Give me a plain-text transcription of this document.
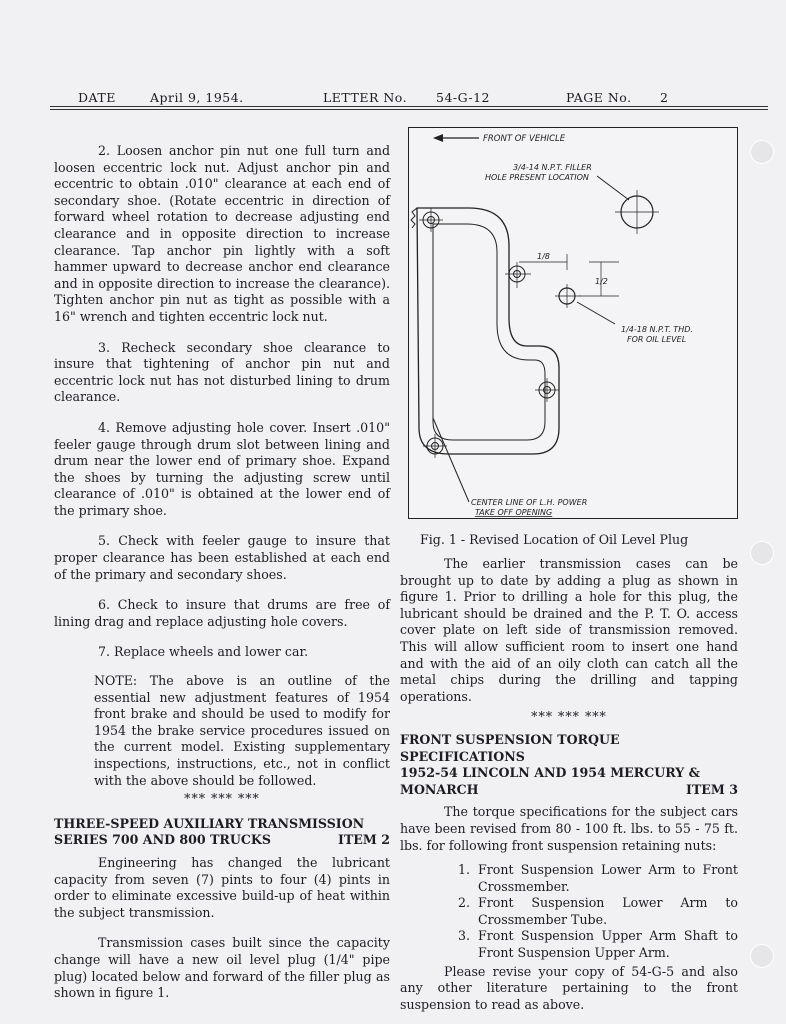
DATE	April 9, 1954.	LETTER No. 54-G-12	PAGE No. 2

2. Loosen anchor pin nut one full turn and loosen eccentric lock nut. Adjust anchor pin and eccentric to obtain .010" clearance at each end of secondary shoe. (Rotate eccentric in direction of forward wheel rotation to decrease adjusting end clearance and in opposite direction to increase clearance. Tap anchor pin lightly with a soft hammer upward to decrease anchor end clearance and in opposite direction to increase the clearance). Tighten anchor pin nut as tight as possible with a 16" wrench and tighten eccentric lock nut.

3. Recheck secondary shoe clearance to insure that tightening of anchor pin nut and eccentric lock nut has not disturbed lining to drum clearance.

4. Remove adjusting hole cover. Insert .010" feeler gauge through drum slot between lining and drum near the lower end of primary shoe. Expand the shoes by turning the adjusting screw until clearance of .010" is obtained at the lower end of the primary shoe.

5. Check with feeler gauge to insure that proper clearance has been established at each end of the primary and secondary shoes.

6. Check to insure that drums are free of lining drag and replace adjusting hole covers.

7. Replace wheels and lower car.

NOTE: The above is an outline of the essential new adjustment features of 1954 front brake and should be used to modify for 1954 the brake service procedures issued on the current model. Existing supplementary inspections, instructions, etc., not in conflict with the above should be followed.

*** *** ***

THREE-SPEED AUXILIARY TRANSMISSION

SERIES 700 AND 800 TRUCKS	ITEM 2

Engineering has changed the lubricant capacity from seven (7) pints to four (4) pints in order to eliminate excessive build-up of heat within the subject transmission.

Transmission cases built since the capacity change will have a new oil level plug (1/4" pipe plug) located below and forward of the filler plug as shown in figure 1.

FRONT OF VEHICLE
3/4-14 N.P.T. FILLER
HOLE PRESENT LOCATION
1/8
1/2
1/4-18 N.P.T. THD.
FOR OIL LEVEL
CENTER LINE OF L.H. POWER
TAKE OFF OPENING
Fig. 1 - Revised Location of Oil Level Plug

The earlier transmission cases can be brought up to date by adding a plug as shown in figure 1. Prior to drilling a hole for this plug, the lubricant should be drained and the P. T. O. access cover plate on left side of transmission removed. This will allow sufficient room to insert one hand and with the aid of an oily cloth can catch all the metal chips during the drilling and tapping operations.

*** *** ***

FRONT SUSPENSION TORQUE

SPECIFICATIONS

1952-54 LINCOLN AND 1954 MERCURY &

MONARCH	ITEM 3

The torque specifications for the subject cars have been revised from 80 - 100 ft. lbs. to 55 - 75 ft. lbs. for following front suspension retaining nuts:

1. Front Suspension Lower Arm to Front Crossmember.
2. Front Suspension Lower Arm to Crossmember Tube.
3. Front Suspension Upper Arm Shaft to Front Suspension Upper Arm.

Please revise your copy of 54-G-5 and also any other literature pertaining to the front suspension to read as above.
